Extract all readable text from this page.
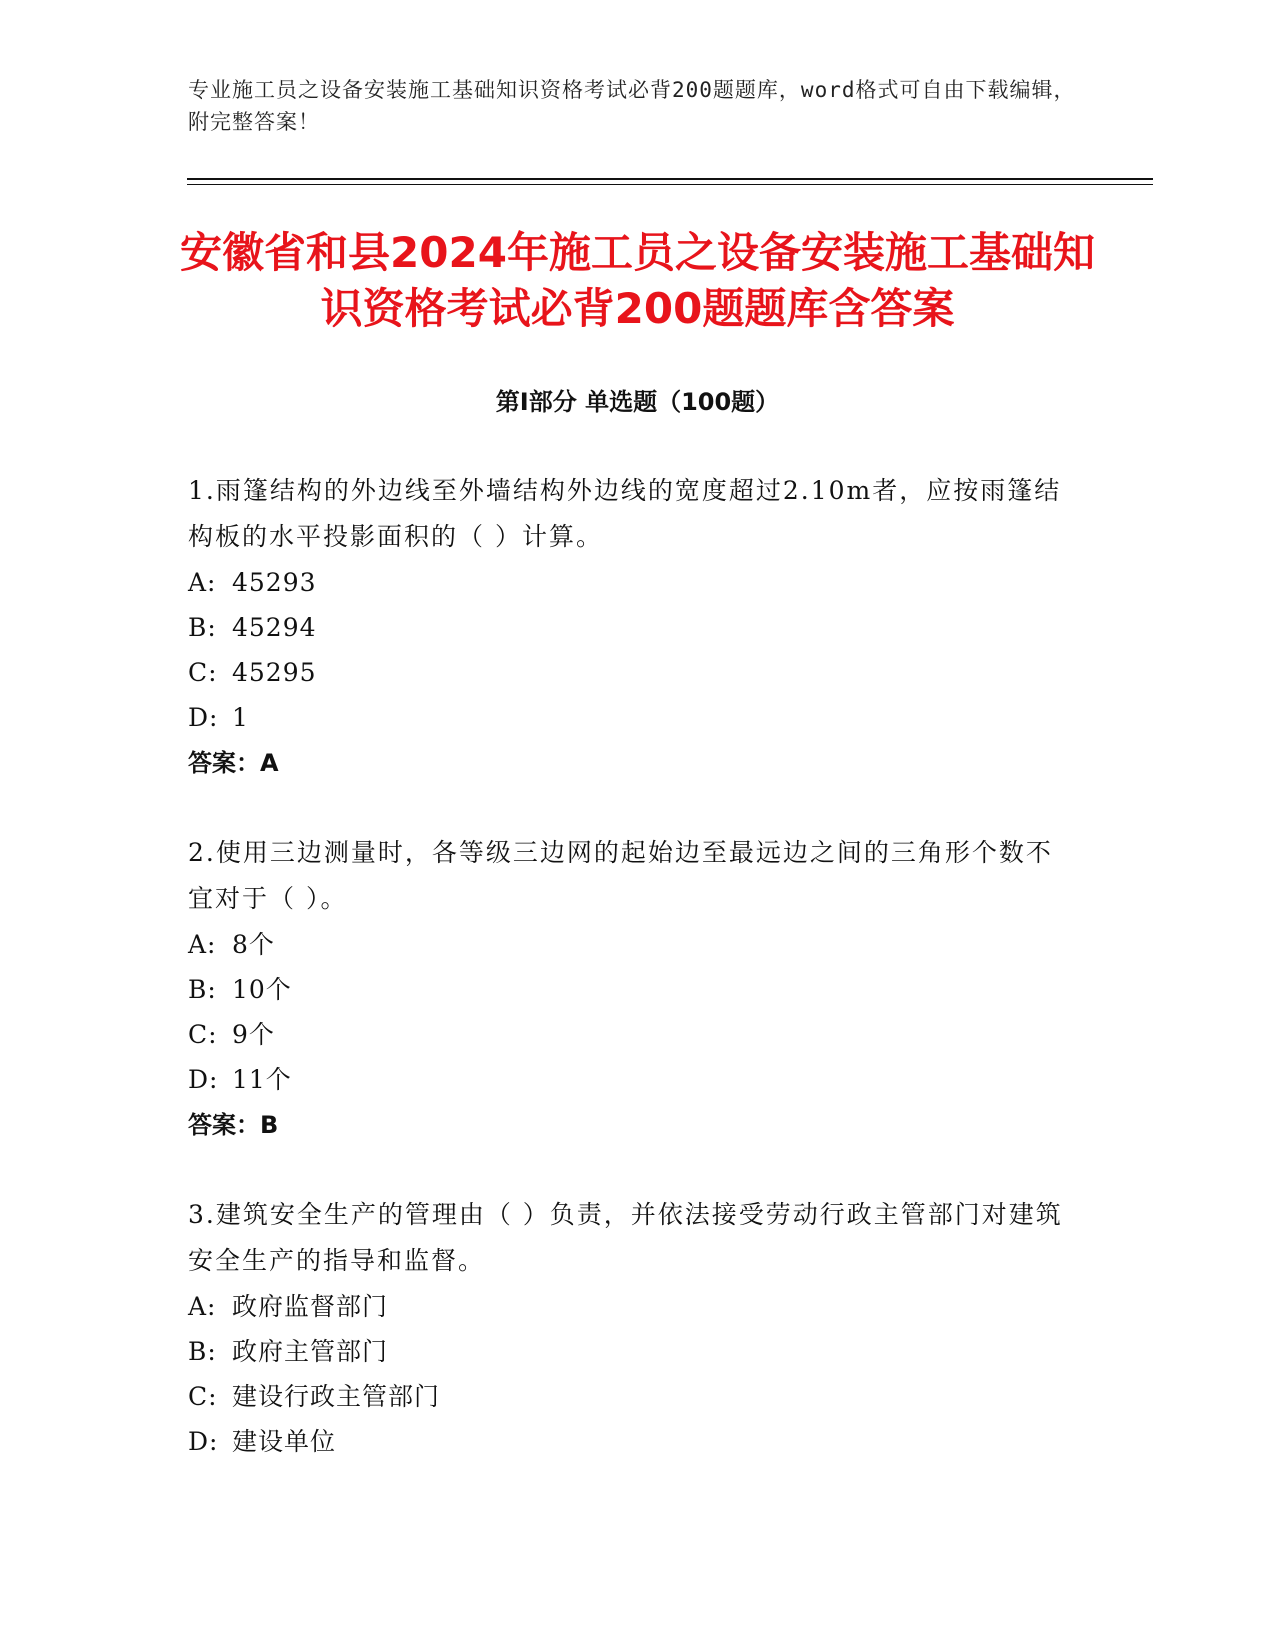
专业施工员之设备安装施工基础知识资格考试必背200题题库，word格式可自由下载编辑，附完整答案！
安徽省和县2024年施工员之设备安装施工基础知识资格考试必背200题题库含答案
第Ⅰ部分 单选题（100题）

1.雨篷结构的外边线至外墙结构外边线的宽度超过2.10m者，应按雨篷结构板的水平投影面积的（ ）计算。

A: 45293

B: 45294

C: 45295

D: 1

答案：A

2.使用三边测量时，各等级三边网的起始边至最远边之间的三角形个数不宜对于（ ）。

A: 8个

B: 10个

C: 9个

D: 11个

答案：B

3.建筑安全生产的管理由（ ）负责，并依法接受劳动行政主管部门对建筑安全生产的指导和监督。

A: 政府监督部门

B: 政府主管部门

C: 建设行政主管部门

D: 建设单位
